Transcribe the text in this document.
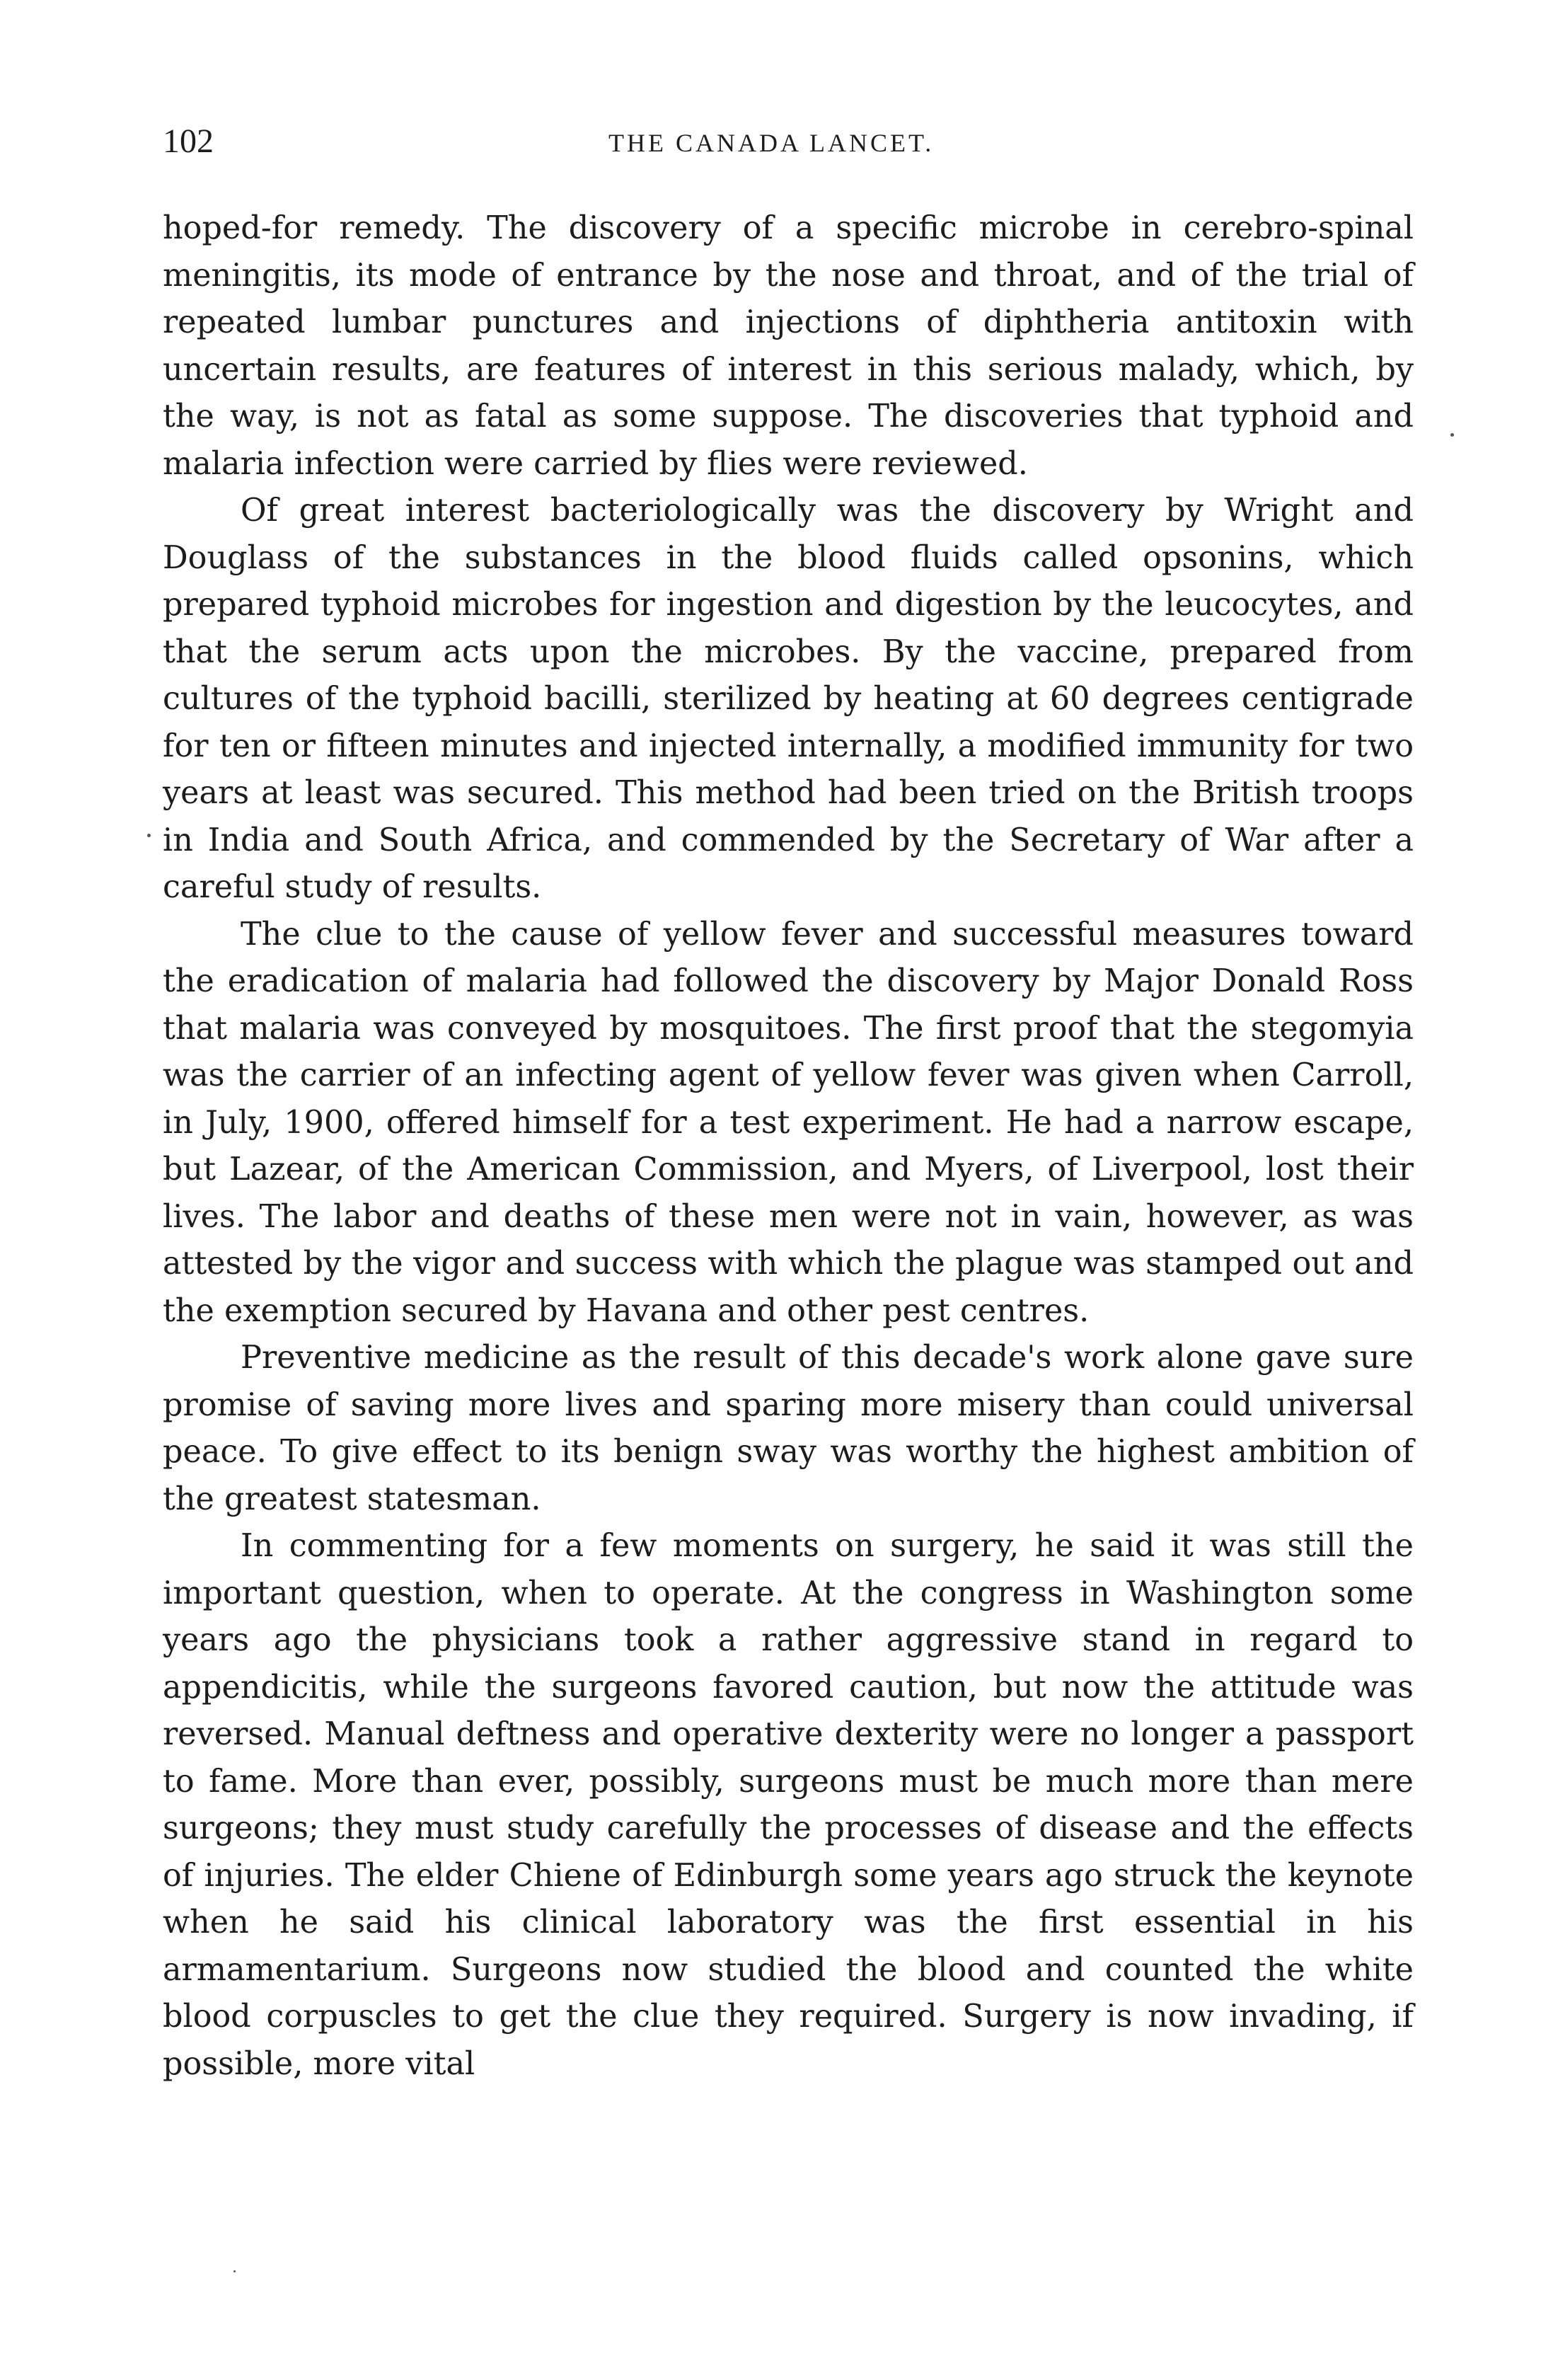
102	THE CANADA LANCET.

hoped-for remedy. The discovery of a specific microbe in cerebro-spinal meningitis, its mode of entrance by the nose and throat, and of the trial of repeated lumbar punctures and injections of diphtheria antitoxin with uncertain results, are features of interest in this serious malady, which, by the way, is not as fatal as some suppose. The discoveries that typhoid and malaria infection were carried by flies were reviewed.

Of great interest bacteriologically was the discovery by Wright and Douglass of the substances in the blood fluids called opsonins, which prepared typhoid microbes for ingestion and digestion by the leucocytes, and that the serum acts upon the microbes. By the vaccine, prepared from cultures of the typhoid bacilli, sterilized by heating at 60 degrees centigrade for ten or fifteen minutes and injected internally, a modified immunity for two years at least was secured. This method had been tried on the British troops in India and South Africa, and commended by the Secretary of War after a careful study of results.

The clue to the cause of yellow fever and successful measures toward the eradication of malaria had followed the discovery by Major Donald Ross that malaria was conveyed by mosquitoes. The first proof that the stegomyia was the carrier of an infecting agent of yellow fever was given when Carroll, in July, 1900, offered himself for a test experiment. He had a narrow escape, but Lazear, of the American Commission, and Myers, of Liverpool, lost their lives. The labor and deaths of these men were not in vain, however, as was attested by the vigor and success with which the plague was stamped out and the exemption secured by Havana and other pest centres.

Preventive medicine as the result of this decade's work alone gave sure promise of saving more lives and sparing more misery than could universal peace. To give effect to its benign sway was worthy the highest ambition of the greatest statesman.

In commenting for a few moments on surgery, he said it was still the important question, when to operate. At the congress in Washington some years ago the physicians took a rather aggressive stand in regard to appendicitis, while the surgeons favored caution, but now the attitude was reversed. Manual deftness and operative dexterity were no longer a passport to fame. More than ever, possibly, surgeons must be much more than mere surgeons; they must study carefully the processes of disease and the effects of injuries. The elder Chiene of Edinburgh some years ago struck the keynote when he said his clinical laboratory was the first essential in his armamentarium. Surgeons now studied the blood and counted the white blood corpuscles to get the clue they required. Surgery is now invading, if possible, more vital
